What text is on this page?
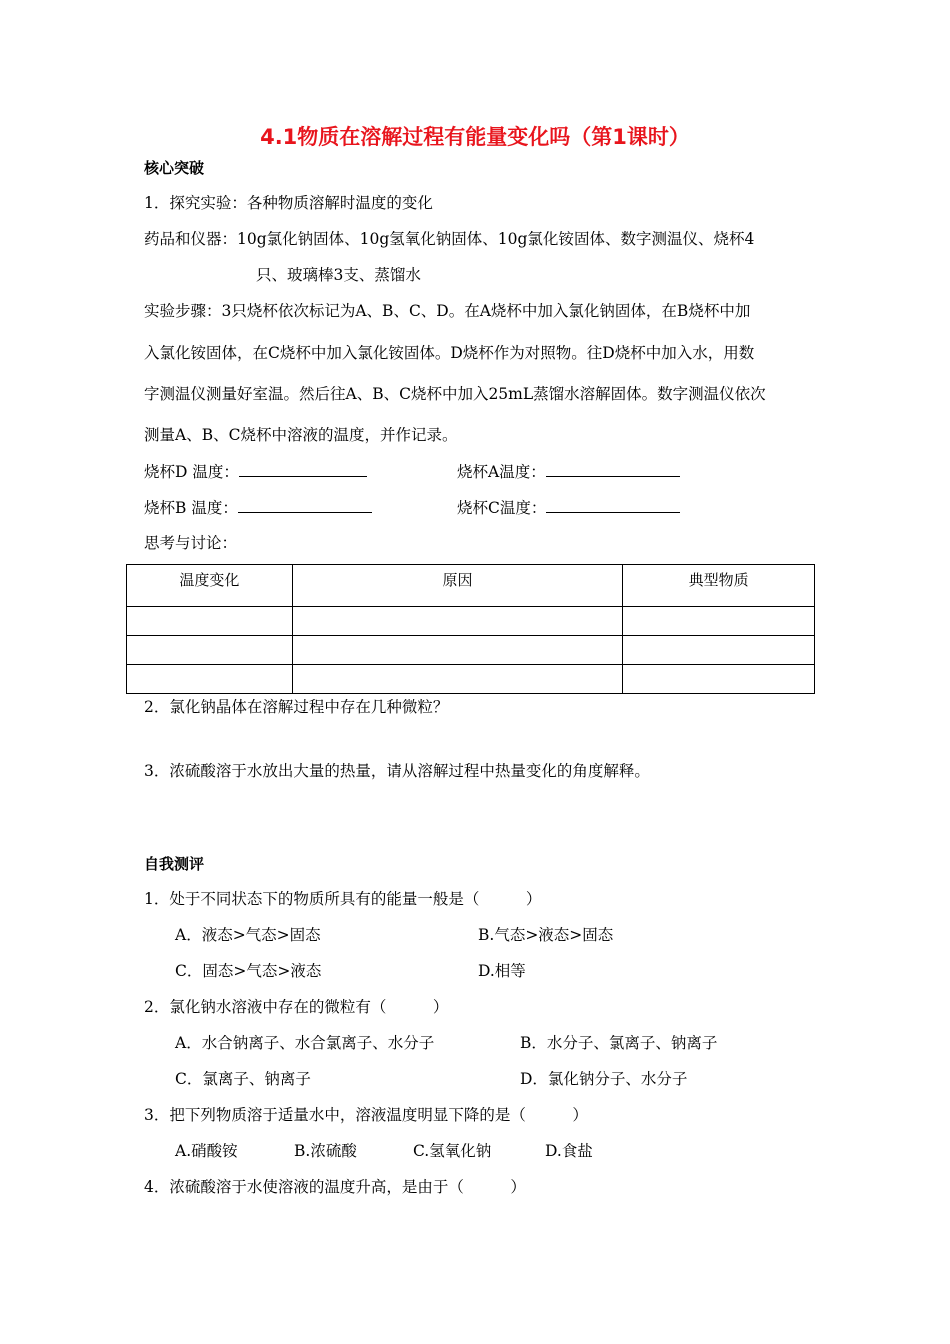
4.1物质在溶解过程有能量变化吗（第1课时）
核心突破
1．探究实验：各种物质溶解时温度的变化
药品和仪器：10g氯化钠固体、10g氢氧化钠固体、10g氯化铵固体、数字测温仪、烧杯4
只、玻璃棒3支、蒸馏水
实验步骤：3只烧杯依次标记为A、B、C、D。在A烧杯中加入氯化钠固体，在B烧杯中加
入氯化铵固体，在C烧杯中加入氯化铵固体。D烧杯作为对照物。往D烧杯中加入水，用数
字测温仪测量好室温。然后往A、B、C烧杯中加入25mL蒸馏水溶解固体。数字测温仪依次
测量A、B、C烧杯中溶液的温度，并作记录。
烧杯D 温度：	烧杯A温度：
烧杯B 温度：	烧杯C温度：
思考与讨论：
温度变化	原因	典型物质

2．氯化钠晶体在溶解过程中存在几种微粒？
3．浓硫酸溶于水放出大量的热量，请从溶解过程中热量变化的角度解释。
自我测评
1．处于不同状态下的物质所具有的能量一般是（　　　）
A．液态>气态>固态	B.气态>液态>固态
C．固态>气态>液态	D.相等
2．氯化钠水溶液中存在的微粒有（　　　）
A．水合钠离子、水合氯离子、水分子	B．水分子、氯离子、钠离子
C．氯离子、钠离子	D．氯化钠分子、水分子
3．把下列物质溶于适量水中，溶液温度明显下降的是（　　　）
A.硝酸铵	B.浓硫酸	C.氢氧化钠	D.食盐
4．浓硫酸溶于水使溶液的温度升高，是由于（　　　）
